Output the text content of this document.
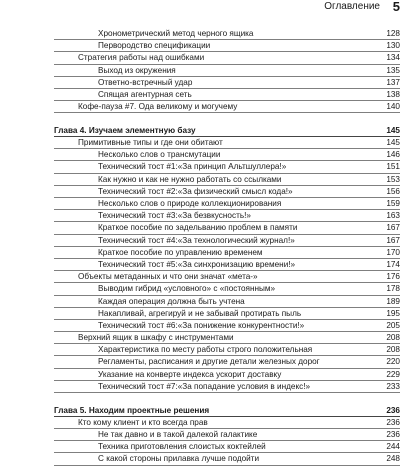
Оглавление 5
Хронометрический метод черного ящика	128
Первородство спецификации	130
Стратегия работы над ошибками	134
Выход из окружения	135
Ответно-встречный удар	137
Спящая агентурная сеть	138
Кофе-пауза #7. Ода великому и могучему	140
Глава 4. Изучаем элементную базу	145
Примитивные типы и где они обитают	145
Несколько слов о трансмутации	146
Технический тост #1:«За принцип Альтшуллера!»	151
Как нужно и как не нужно работать со ссылками	153
Технический тост #2:«За физический смысл кода!»	156
Несколько слов о природе коллекционирования	159
Технический тост #3:«За безвкусность!»	163
Краткое пособие по задельванию проблем в памяти	167
Технический тост #4:«За технологический журнал!»	167
Краткое пособие по управлению временем	170
Технический тост #5:«За синхронизацию времени!»	174
Объекты метаданных и что они значат «мета-»	176
Выводим гибрид «условного» с «постоянным»	178
Каждая операция должна быть учтена	189
Накапливай, агрегируй и не забывай протирать пыль	195
Технический тост #6:«За понижение конкурентности!»	205
Верхний ящик в шкафу с инструментами	208
Характеристика по месту работы строго положительная	208
Регламенты, расписания и другие детали железных дорог	220
Указание на конверте индекса ускорит доставку	229
Технический тост #7:«За попадание условия в индекс!»	233
Глава 5. Находим проектные решения	236
Кто кому клиент и кто всегда прав	236
Не так давно и в такой далекой галактике	236
Техника приготовления слоистых коктейлей	244
С какой стороны прилавка лучше подойти	248
